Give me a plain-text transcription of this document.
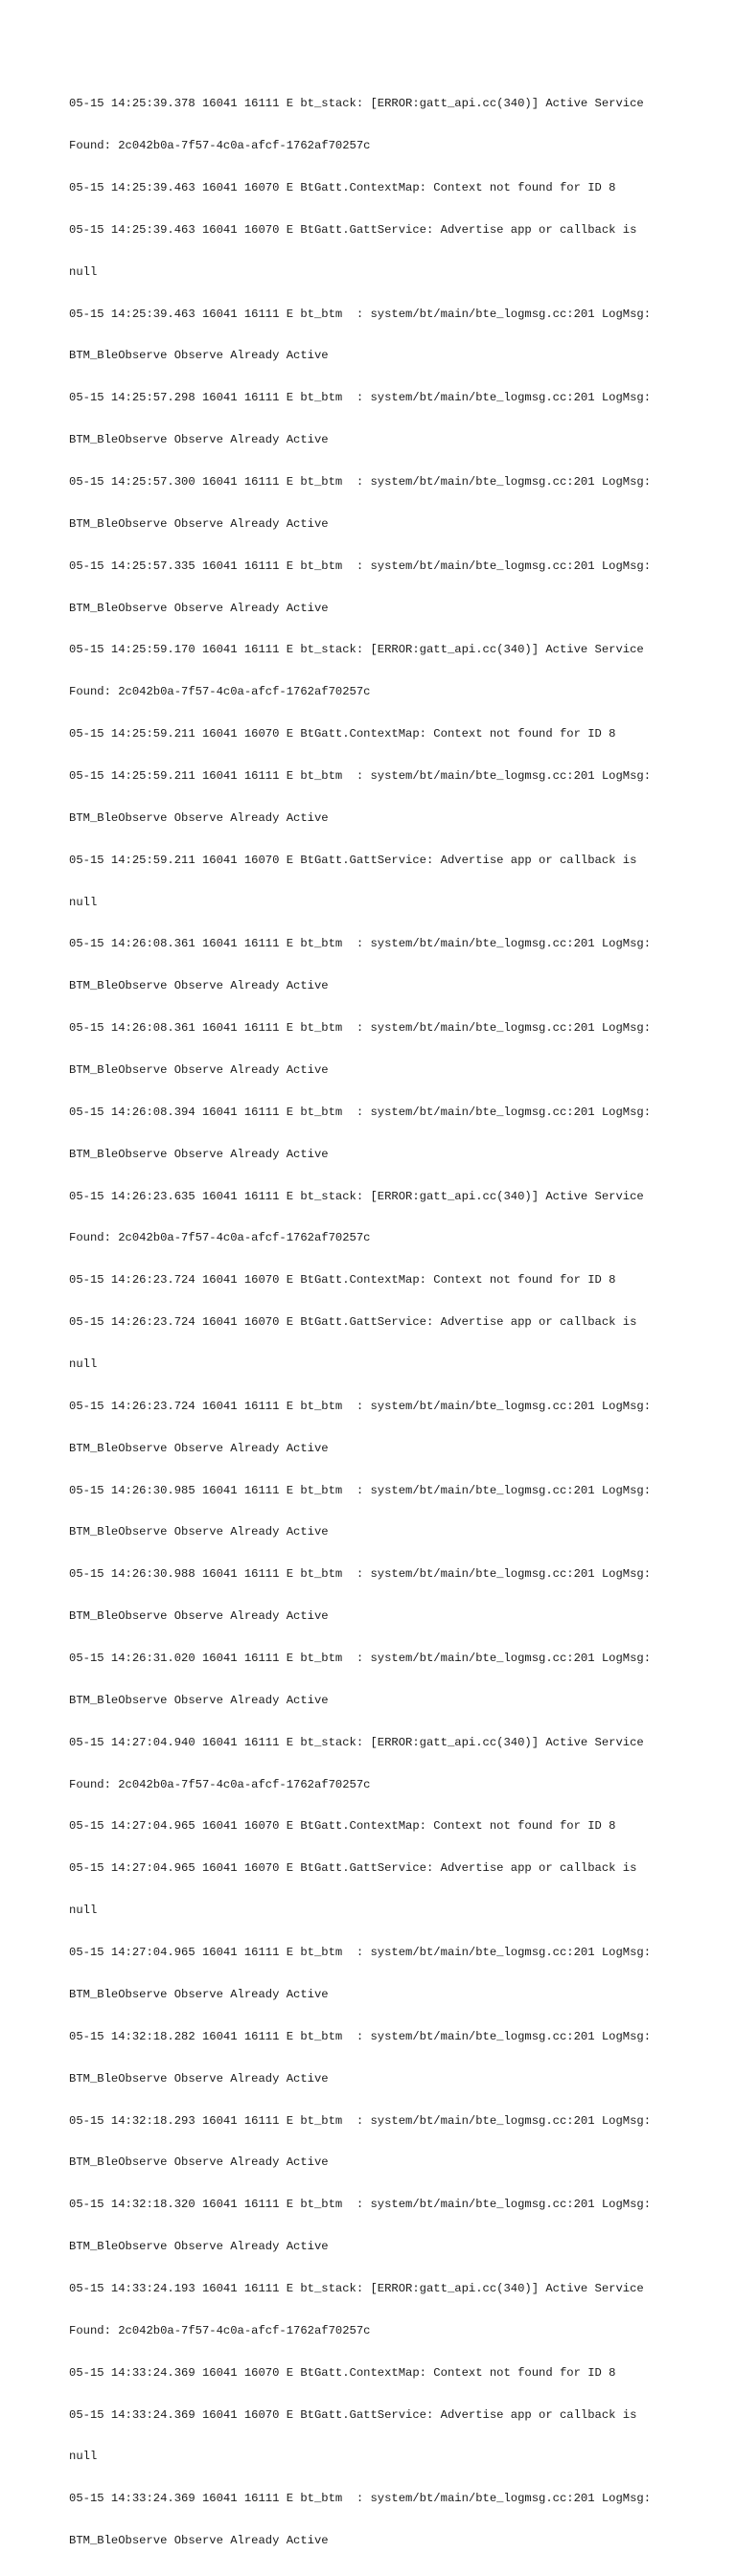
05-15 14:25:39.378 16041 16111 E bt_stack: [ERROR:gatt_api.cc(340)] Active Service

Found: 2c042b0a-7f57-4c0a-afcf-1762af70257c

05-15 14:25:39.463 16041 16070 E BtGatt.ContextMap: Context not found for ID 8

05-15 14:25:39.463 16041 16070 E BtGatt.GattService: Advertise app or callback is

null

05-15 14:25:39.463 16041 16111 E bt_btm  : system/bt/main/bte_logmsg.cc:201 LogMsg:

BTM_BleObserve Observe Already Active

05-15 14:25:57.298 16041 16111 E bt_btm  : system/bt/main/bte_logmsg.cc:201 LogMsg:

BTM_BleObserve Observe Already Active

05-15 14:25:57.300 16041 16111 E bt_btm  : system/bt/main/bte_logmsg.cc:201 LogMsg:

BTM_BleObserve Observe Already Active

05-15 14:25:57.335 16041 16111 E bt_btm  : system/bt/main/bte_logmsg.cc:201 LogMsg:

BTM_BleObserve Observe Already Active

05-15 14:25:59.170 16041 16111 E bt_stack: [ERROR:gatt_api.cc(340)] Active Service

Found: 2c042b0a-7f57-4c0a-afcf-1762af70257c

05-15 14:25:59.211 16041 16070 E BtGatt.ContextMap: Context not found for ID 8

05-15 14:25:59.211 16041 16111 E bt_btm  : system/bt/main/bte_logmsg.cc:201 LogMsg:

BTM_BleObserve Observe Already Active

05-15 14:25:59.211 16041 16070 E BtGatt.GattService: Advertise app or callback is

null

05-15 14:26:08.361 16041 16111 E bt_btm  : system/bt/main/bte_logmsg.cc:201 LogMsg:

BTM_BleObserve Observe Already Active

05-15 14:26:08.361 16041 16111 E bt_btm  : system/bt/main/bte_logmsg.cc:201 LogMsg:

BTM_BleObserve Observe Already Active

05-15 14:26:08.394 16041 16111 E bt_btm  : system/bt/main/bte_logmsg.cc:201 LogMsg:

BTM_BleObserve Observe Already Active

05-15 14:26:23.635 16041 16111 E bt_stack: [ERROR:gatt_api.cc(340)] Active Service

Found: 2c042b0a-7f57-4c0a-afcf-1762af70257c

05-15 14:26:23.724 16041 16070 E BtGatt.ContextMap: Context not found for ID 8

05-15 14:26:23.724 16041 16070 E BtGatt.GattService: Advertise app or callback is

null

05-15 14:26:23.724 16041 16111 E bt_btm  : system/bt/main/bte_logmsg.cc:201 LogMsg:

BTM_BleObserve Observe Already Active

05-15 14:26:30.985 16041 16111 E bt_btm  : system/bt/main/bte_logmsg.cc:201 LogMsg:

BTM_BleObserve Observe Already Active

05-15 14:26:30.988 16041 16111 E bt_btm  : system/bt/main/bte_logmsg.cc:201 LogMsg:

BTM_BleObserve Observe Already Active

05-15 14:26:31.020 16041 16111 E bt_btm  : system/bt/main/bte_logmsg.cc:201 LogMsg:

BTM_BleObserve Observe Already Active

05-15 14:27:04.940 16041 16111 E bt_stack: [ERROR:gatt_api.cc(340)] Active Service

Found: 2c042b0a-7f57-4c0a-afcf-1762af70257c

05-15 14:27:04.965 16041 16070 E BtGatt.ContextMap: Context not found for ID 8

05-15 14:27:04.965 16041 16070 E BtGatt.GattService: Advertise app or callback is

null

05-15 14:27:04.965 16041 16111 E bt_btm  : system/bt/main/bte_logmsg.cc:201 LogMsg:

BTM_BleObserve Observe Already Active

05-15 14:32:18.282 16041 16111 E bt_btm  : system/bt/main/bte_logmsg.cc:201 LogMsg:

BTM_BleObserve Observe Already Active

05-15 14:32:18.293 16041 16111 E bt_btm  : system/bt/main/bte_logmsg.cc:201 LogMsg:

BTM_BleObserve Observe Already Active

05-15 14:32:18.320 16041 16111 E bt_btm  : system/bt/main/bte_logmsg.cc:201 LogMsg:

BTM_BleObserve Observe Already Active

05-15 14:33:24.193 16041 16111 E bt_stack: [ERROR:gatt_api.cc(340)] Active Service

Found: 2c042b0a-7f57-4c0a-afcf-1762af70257c

05-15 14:33:24.369 16041 16070 E BtGatt.ContextMap: Context not found for ID 8

05-15 14:33:24.369 16041 16070 E BtGatt.GattService: Advertise app or callback is

null

05-15 14:33:24.369 16041 16111 E bt_btm  : system/bt/main/bte_logmsg.cc:201 LogMsg:

BTM_BleObserve Observe Already Active
